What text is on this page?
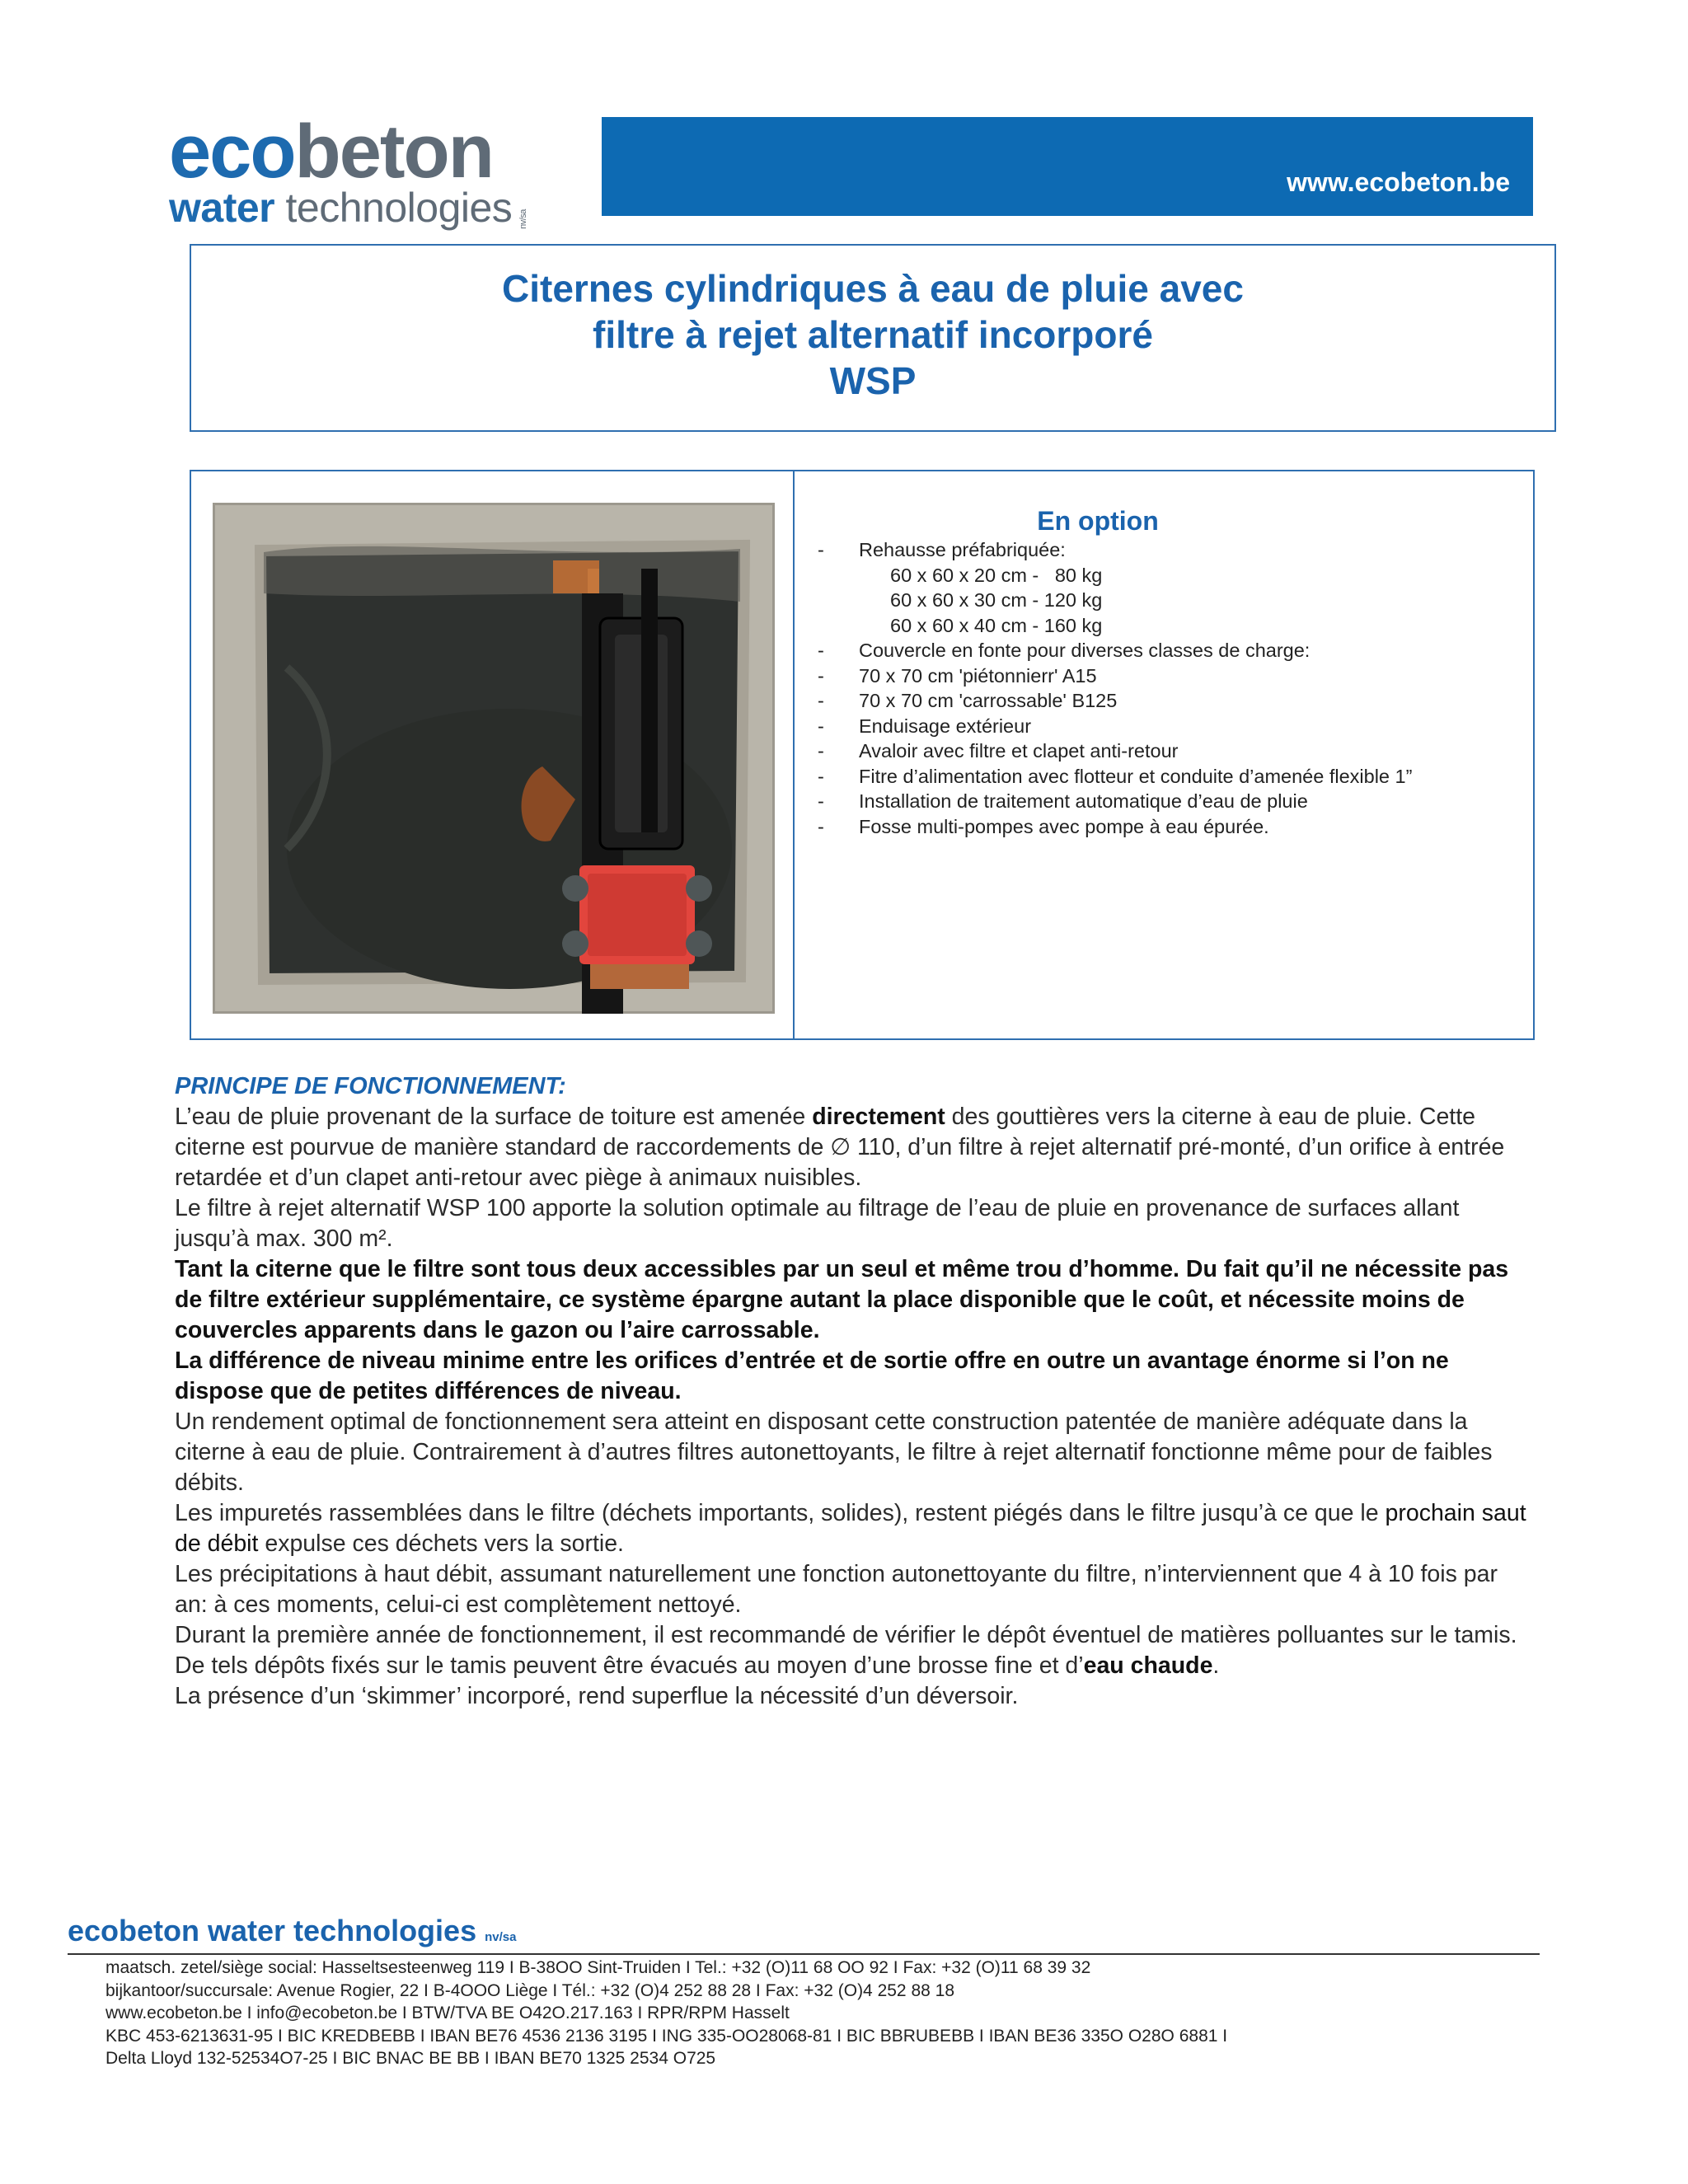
ecobeton
water technologies nv/sa
www.ecobeton.be
Citernes cylindriques à eau de pluie avec
filtre à rejet alternatif incorporé
WSP
En option
-	Rehausse préfabriquée:
60 x 60 x 20 cm -   80 kg
60 x 60 x 30 cm - 120 kg
60 x 60 x 40 cm - 160 kg
-	Couvercle en fonte pour diverses classes de charge:
-	70 x 70 cm 'piétonnierr' A15
-	70 x 70 cm 'carrossable' B125
-	Enduisage extérieur
-	Avaloir avec filtre et clapet anti-retour
-	Fitre d’alimentation avec flotteur et conduite d’amenée flexible 1”
-	Installation de traitement automatique d’eau de pluie
-	Fosse multi-pompes avec pompe à eau épurée.

PRINCIPE DE FONCTIONNEMENT:

L’eau de pluie provenant de la surface de toiture est amenée directement des gouttières vers la citerne à eau de pluie. Cette citerne est pourvue de manière standard de raccordements de ∅ 110, d’un filtre à rejet alternatif pré-monté, d’un orifice à entrée retardée et d’un clapet anti-retour avec piège à animaux nuisibles.

Le filtre à rejet alternatif WSP 100 apporte la solution optimale au filtrage de l’eau de pluie en provenance de surfaces allant jusqu’à max. 300 m².

Tant la citerne que le filtre sont tous deux accessibles par un seul et même trou d’homme. Du fait qu’il ne nécessite pas de filtre extérieur supplémentaire, ce système épargne autant la place disponible que le coût, et nécessite moins de couvercles apparents dans le gazon ou l’aire carrossable.

La différence de niveau minime entre les orifices d’entrée et de sortie offre en outre un avantage énorme si l’on ne dispose que de petites différences de niveau.

Un rendement optimal de fonctionnement sera atteint en disposant cette construction patentée de manière adéquate dans la citerne à eau de pluie. Contrairement à d’autres filtres autonettoyants, le filtre à rejet alternatif fonctionne même pour de faibles débits.

Les impuretés rassemblées dans le filtre (déchets importants, solides), restent piégés dans le filtre jusqu’à ce que le prochain saut de débit expulse ces déchets vers la sortie.

Les précipitations à haut débit, assumant naturellement une fonction autonettoyante du filtre, n’interviennent que 4 à 10 fois par an: à ces moments, celui-ci est complètement nettoyé.

Durant la première année de fonctionnement, il est recommandé de vérifier le dépôt éventuel de matières polluantes sur le tamis. De tels dépôts fixés sur le tamis peuvent être évacués au moyen d’une brosse fine et d’eau chaude.

La présence d’un ‘skimmer’ incorporé, rend superflue la nécessité d’un déversoir.

ecobeton water technologies nv/sa
maatsch. zetel/siège social: Hasseltsesteenweg 119 I B-38OO Sint-Truiden I Tel.: +32 (O)11 68 OO 92 I Fax: +32 (O)11 68 39 32
bijkantoor/succursale: Avenue Rogier, 22 I B-4OOO Liège I Tél.: +32 (O)4 252 88 28 I Fax: +32 (O)4 252 88 18
www.ecobeton.be I info@ecobeton.be I BTW/TVA BE O42O.217.163 I RPR/RPM Hasselt
KBC 453-6213631-95 I BIC KREDBEBB I IBAN BE76 4536 2136 3195 I ING 335-OO28068-81 I BIC BBRUBEBB I IBAN BE36 335O O28O 6881 I
Delta Lloyd 132-52534O7-25 I BIC BNAC BE BB I IBAN BE70 1325 2534 O725
